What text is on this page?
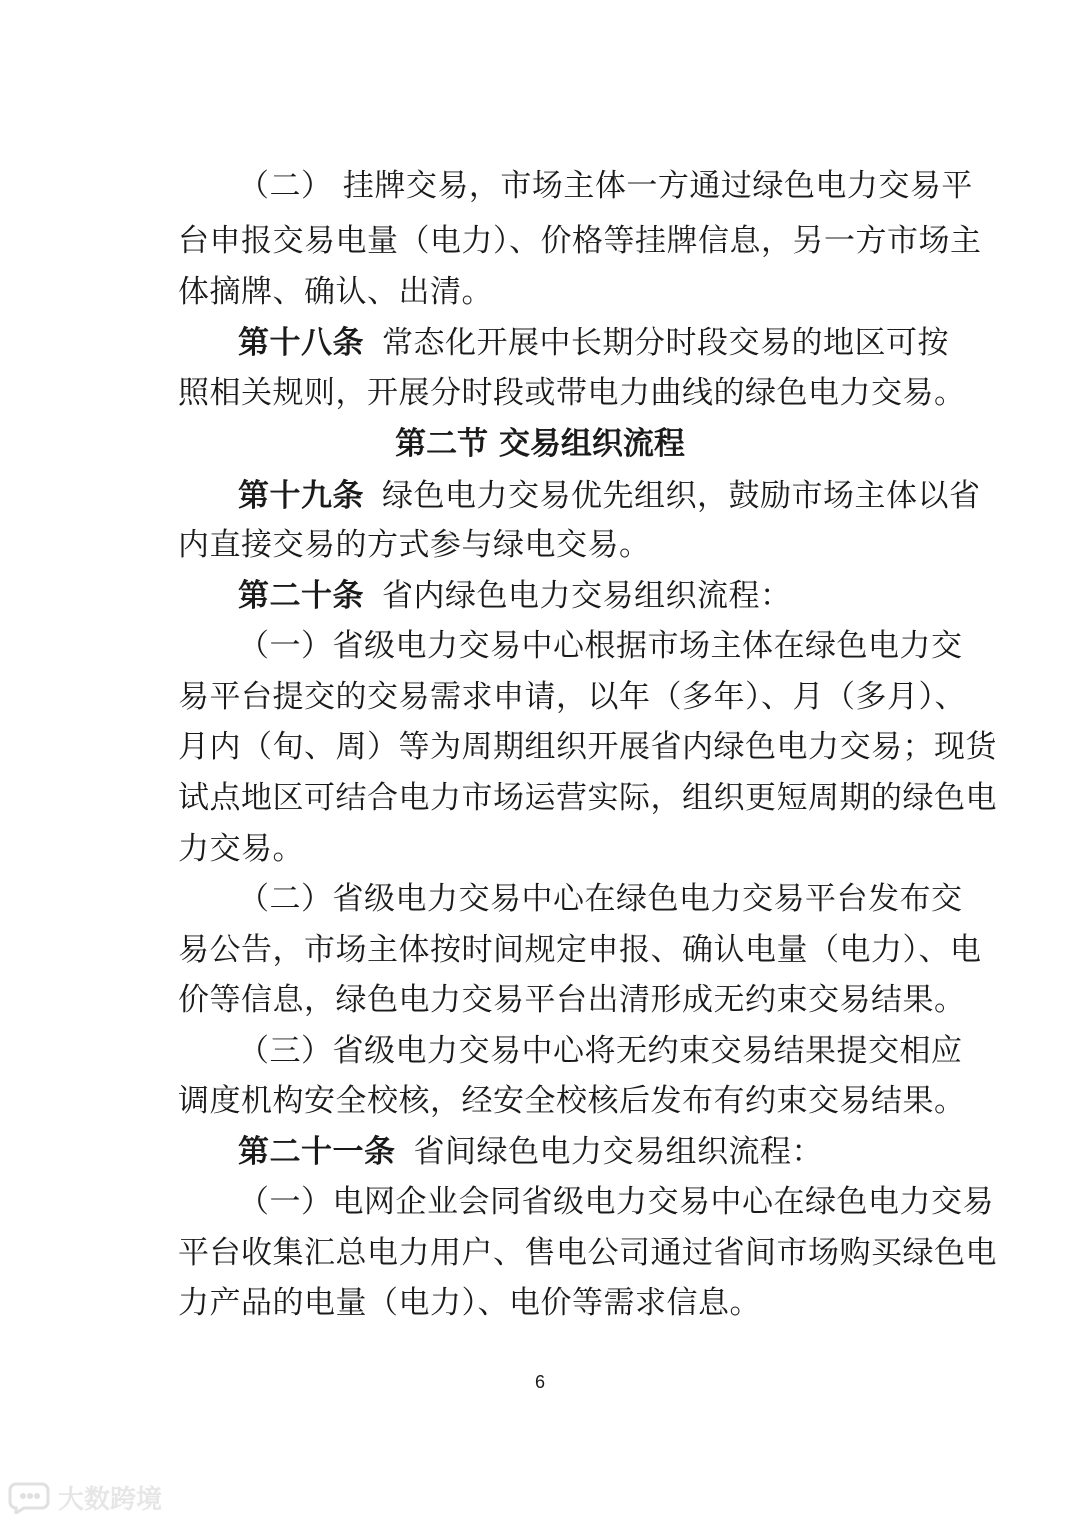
（二） 挂牌交易，市场主体一方通过绿色电力交易平
台申报交易电量（电力）、价格等挂牌信息，另一方市场主
体摘牌、确认、出清。
第十八条 常态化开展中长期分时段交易的地区可按
照相关规则，开展分时段或带电力曲线的绿色电力交易。
第二节 交易组织流程
第十九条 绿色电力交易优先组织，鼓励市场主体以省
内直接交易的方式参与绿电交易。
第二十条 省内绿色电力交易组织流程：
（一）省级电力交易中心根据市场主体在绿色电力交
易平台提交的交易需求申请，以年（多年）、月（多月）、
月内（旬、周）等为周期组织开展省内绿色电力交易；现货
试点地区可结合电力市场运营实际，组织更短周期的绿色电
力交易。
（二）省级电力交易中心在绿色电力交易平台发布交
易公告，市场主体按时间规定申报、确认电量（电力）、电
价等信息，绿色电力交易平台出清形成无约束交易结果。
（三）省级电力交易中心将无约束交易结果提交相应
调度机构安全校核，经安全校核后发布有约束交易结果。
第二十一条 省间绿色电力交易组织流程：
（一）电网企业会同省级电力交易中心在绿色电力交易
平台收集汇总电力用户、售电公司通过省间市场购买绿色电
力产品的电量（电力）、电价等需求信息。
6
大数跨境
